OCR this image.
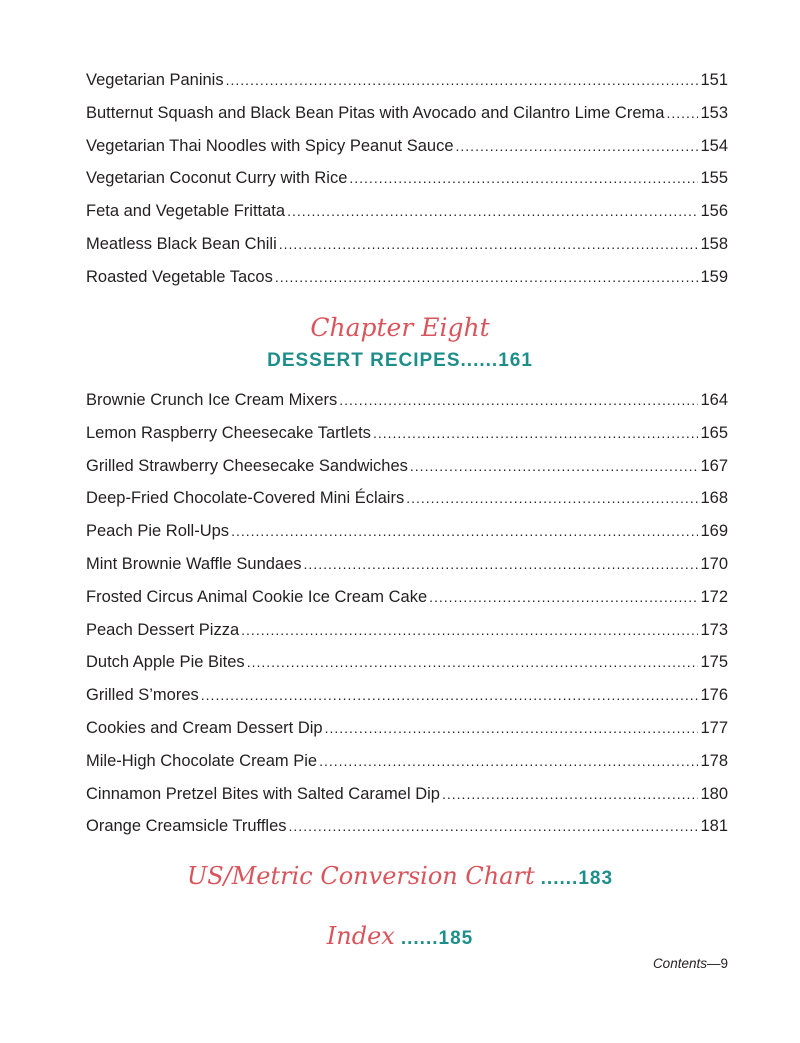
Vegetarian Paninis .....	151
Butternut Squash and Black Bean Pitas with Avocado and Cilantro Lime Crema ..... 153
Vegetarian Thai Noodles with Spicy Peanut Sauce .....	154
Vegetarian Coconut Curry with Rice .....	155
Feta and Vegetable Frittata .....	156
Meatless Black Bean Chili .....	158
Roasted Vegetable Tacos .....	159
Chapter Eight
DESSERT RECIPES......161
Brownie Crunch Ice Cream Mixers .....	164
Lemon Raspberry Cheesecake Tartlets .....	165
Grilled Strawberry Cheesecake Sandwiches .....	167
Deep-Fried Chocolate-Covered Mini Éclairs .....	168
Peach Pie Roll-Ups .....	169
Mint Brownie Waffle Sundaes .....	170
Frosted Circus Animal Cookie Ice Cream Cake .....	172
Peach Dessert Pizza .....	173
Dutch Apple Pie Bites .....	175
Grilled S’mores .....	176
Cookies and Cream Dessert Dip .....	177
Mile-High Chocolate Cream Pie .....	178
Cinnamon Pretzel Bites with Salted Caramel Dip .....	180
Orange Creamsicle Truffles .....	181
US/Metric Conversion Chart ......183
Index ......185
Contents—9
